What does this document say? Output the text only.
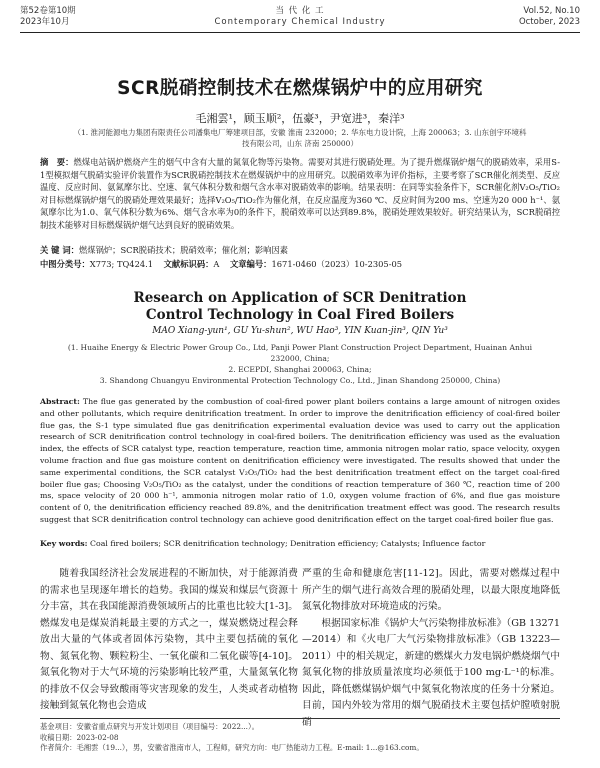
第52卷第10期
2023年10月
当 代 化 工
Contemporary Chemical Industry
Vol.52, No.10
October, 2023
SCR脱硝控制技术在燃煤锅炉中的应用研究
毛湘雲¹，顾玉顺²，伍豪³，尹宽进³，秦洋³
（1. 淮河能源电力集团有限责任公司潘集电厂筹建项目部，安徽 淮南 232000；2. 华东电力设计院，上海 200063；3. 山东创宇环境科技有限公司，山东 济南 250000）
摘　要：燃煤电站锅炉燃烧产生的烟气中含有大量的氮氧化物等污染物。需要对其进行脱硝处理。为了提升燃煤锅炉烟气的脱硝效率，采用S-1型模拟烟气脱硝实验评价装置作为SCR脱硝控制技术在燃煤锅炉中的应用研究。以脱硝效率为评价指标，主要考察了SCR催化剂类型、反应温度、反应时间、氨氮摩尔比、空速、氧气体积分数和烟气含水率对脱硝效率的影响。结果表明：在同等实验条件下，SCR催化剂V₂O₅/TiO₂对目标燃煤锅炉烟气的脱硝处理效果最好；选择V₂O₅/TiO₂作为催化剂，在反应温度为360 ℃、反应时间为200 ms、空速为20 000 h⁻¹、氨氮摩尔比为1.0、氧气体积分数为6%、烟气含水率为0的条件下，脱硝效率可以达到89.8%，脱硝处理效果较好。研究结果认为，SCR脱硝控制技术能够对目标燃煤锅炉烟气达到良好的脱硝效果。
关 键 词：燃煤锅炉；SCR脱硝技术；脱硝效率；催化剂；影响因素
中图分类号：X773; TQ424.1 文献标识码：A 文章编号：1671-0460（2023）10-2305-05
Research on Application of SCR Denitration
Control Technology in Coal Fired Boilers
MAO Xiang-yun¹, GU Yu-shun², WU Hao³, YIN Kuan-jin³, QIN Yu³
(1. Huaihe Energy & Electric Power Group Co., Ltd, Panji Power Plant Construction Project Department, Huainan Anhui 232000, China;
2. ECEPDI, Shanghai 200063, China;
3. Shandong Chuangyu Environmental Protection Technology Co., Ltd., Jinan Shandong 250000, China)
Abstract: The flue gas generated by the combustion of coal-fired power plant boilers contains a large amount of nitrogen oxides and other pollutants, which require denitrification treatment. In order to improve the denitrification efficiency of coal-fired boiler flue gas, the S-1 type simulated flue gas denitrification experimental evaluation device was used to carry out the application research of SCR denitrification control technology in coal-fired boilers. The denitrification efficiency was used as the evaluation index, the effects of SCR catalyst type, reaction temperature, reaction time, ammonia nitrogen molar ratio, space velocity, oxygen volume fraction and flue gas moisture content on denitrification efficiency were investigated. The results showed that under the same experimental conditions, the SCR catalyst V₂O₅/TiO₂ had the best denitrification treatment effect on the target coal-fired boiler flue gas; Choosing V₂O₅/TiO₂ as the catalyst, under the conditions of reaction temperature of 360 ℃, reaction time of 200 ms, space velocity of 20 000 h⁻¹, ammonia nitrogen molar ratio of 1.0, oxygen volume fraction of 6%, and flue gas moisture content of 0, the denitrification efficiency reached 89.8%, and the denitrification treatment effect was good. The research results suggest that SCR denitrification control technology can achieve good denitrification effect on the target coal-fired boiler flue gas.
Key words: Coal fired boilers; SCR denitrification technology; Denitration efficiency; Catalysts; Influence factor
随着我国经济社会发展进程的不断加快，对于能源消费的需求也呈现逐年增长的趋势。我国的煤炭和煤层气资源十分丰富，其在我国能源消费领域所占的比重也比较大[1-3]。燃煤发电是煤炭消耗最主要的方式之一，煤炭燃烧过程会释放出大量的气体或者固体污染物，其中主要包括硫的氧化物、氮氧化物、颗粒粉尘、一氧化碳和二氧化碳等[4-10]。氮氧化物对于大气环境的污染影响比较严重，大量氮氧化物的排放不仅会导致酸雨等灾害现象的发生，人类或者动植物接触到氮氧化物也会造成
严重的生命和健康危害[11-12]。因此，需要对燃煤过程中所产生的烟气进行高效合理的脱硝处理，以最大限度地降低氮氧化物排放对环境造成的污染。
根据国家标准《锅炉大气污染物排放标准》（GB 13271—2014）和《火电厂大气污染物排放标准》（GB 13223—2011）中的相关规定，新建的燃煤火力发电锅炉燃烧烟气中氮氧化物的排放质量浓度均必须低于100 mg·L⁻¹的标准。因此，降低燃煤锅炉烟气中氮氧化物浓度的任务十分紧迫。目前，国内外较为常用的烟气脱硝技术主要包括炉膛喷射脱硝
基金项目：安徽省重点研究与开发计划项目（项目编号：2022...）。
收稿日期：2023-02-08
作者简介：毛湘雲（19...），男，安徽省淮南市人，工程师，研究方向：电厂热能动力工程。E-mail: 1...@163.com。
